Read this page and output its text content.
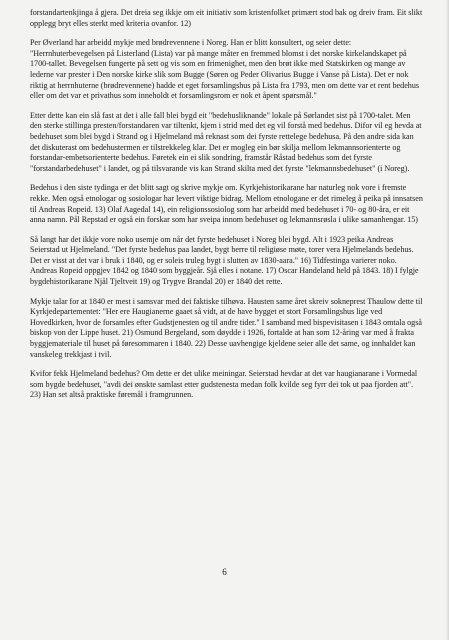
forstandartenkjinga å gjera. Det dreia seg ikkje om eit initiativ som kristenfolket primært stod bak og dreiv fram. Eit slikt opplegg bryt elles sterkt med kriteria ovanfor. 12)

Per Øverland har arbeidd mykje med brødrevennene i Noreg. Han er blitt konsultert, og seier dette: "Herrnhuterbevegelsen på Listerland (Lista) var på mange måter en fremmed blomst i det norske kirkelandskapet på 1700-tallet. Bevegelsen fungerte på sett og vis som en frimenighet, men den brøt ikke med Statskirken og mange av lederne var prester i Den norske kirke slik som Bugge (Søren og Peder Olivarius Bugge i Vanse på Lista). Det er nok riktig at herrnhuterne (brødrevennene) hadde et eget forsamlingshus på Lista fra 1793, men om dette var et rent bedehus eller om det var et privathus som inneholdt et forsamlingsrom er nok et åpent spørsmål."

Etter dette kan ein slå fast at det i alle fall blei bygd eit "bedehusliknande" lokale på Sørlandet sist på 1700-talet. Men den sterke stillinga presten/forstandaren var tiltenkt, kjem i strid med det eg vil forstå med bedehus. Difor vil eg hevda at bedehuset som blei bygd i Strand og i Hjelmeland må reknast som dei fyrste rettelege bedehusa. På den andre sida kan det diskuterast om bedehustermen er tilstrekkeleg klar. Det er mogleg ein bør skilja mellom lekmannsorienterte og forstandar-embetsorienterte bedehus. Føretek ein ei slik sondring, framstår Råstad bedehus som det fyrste "forstandarbedehuset" i landet, og på tilsvarande vis kan Strand skilta med det fyrste "lekmannsbedehuset" (i Noreg).

Bedehus i den siste tydinga er det blitt sagt og skrive mykje om. Kyrkjehistorikarane har naturleg nok vore i fremste rekke. Men også etnologar og sosiologar har levert viktige bidrag. Mellom etnologane er det rimeleg å peika på innsatsen til Andreas Ropeid. 13) Olaf Aagedal 14), ein religionssosiolog som har arbeidd med bedehuset i 70- og 80-åra, er eit anna namn. Pål Repstad er også ein forskar som har sveipa innom bedehuset og lekmannsrøsla i ulike samanhengar. 15)

Så langt har det ikkje vore noko usemje om når det fyrste bedehuset i Noreg blei bygd. Alt i 1923 peika Andreas Seierstad ut Hjelmeland. "Det fyrste bedehus paa landet, bygt berre til religiøse møte, torer vera Hjelmelands bedehus. Det er visst at det var i bruk i 1840, og er soleis truleg bygt i slutten av 1830-aara." 16) Tidfestinga varierer noko. Andreas Ropeid oppgjev 1842 og 1840 som byggjeår. Sjå elles i notane. 17) Oscar Handeland held på 1843. 18) I fylgje bygdehistorikarane Njål Tjeltveit 19) og Trygve Brandal 20) er 1840 det rette.

Mykje talar for at 1840 er mest i samsvar med dei faktiske tilhøva. Hausten same året skreiv sokneprest Thaulow dette til Kyrkjedepartementet: "Her ere Haugianerne gaaet så vidt, at de have bygget et stort Forsamlingshus lige ved Hovedkirken, hvor de forsamles efter Gudstjenesten og til andre tider." I samband med bispevisitasen i 1843 omtala også biskop von der Lippe huset. 21) Osmund Bergeland, som døydde i 1926, fortalde at han som 12-åring var med å frakta byggjemateriale til huset på føresommaren i 1840. 22) Desse uavhengige kjeldene seier alle det same, og innhaldet kan vanskeleg trekkjast i tvil.

Kvifor fekk Hjelmeland bedehus? Om dette er det ulike meiningar. Seierstad hevdar at det var haugianarane i Vormedal som bygde bedehuset, "avdi dei ønskte samlast etter gudstenesta medan folk kvilde seg fyrr dei tok ut paa fjorden att". 23) Han set altså praktiske føremål i framgrunnen.

6
